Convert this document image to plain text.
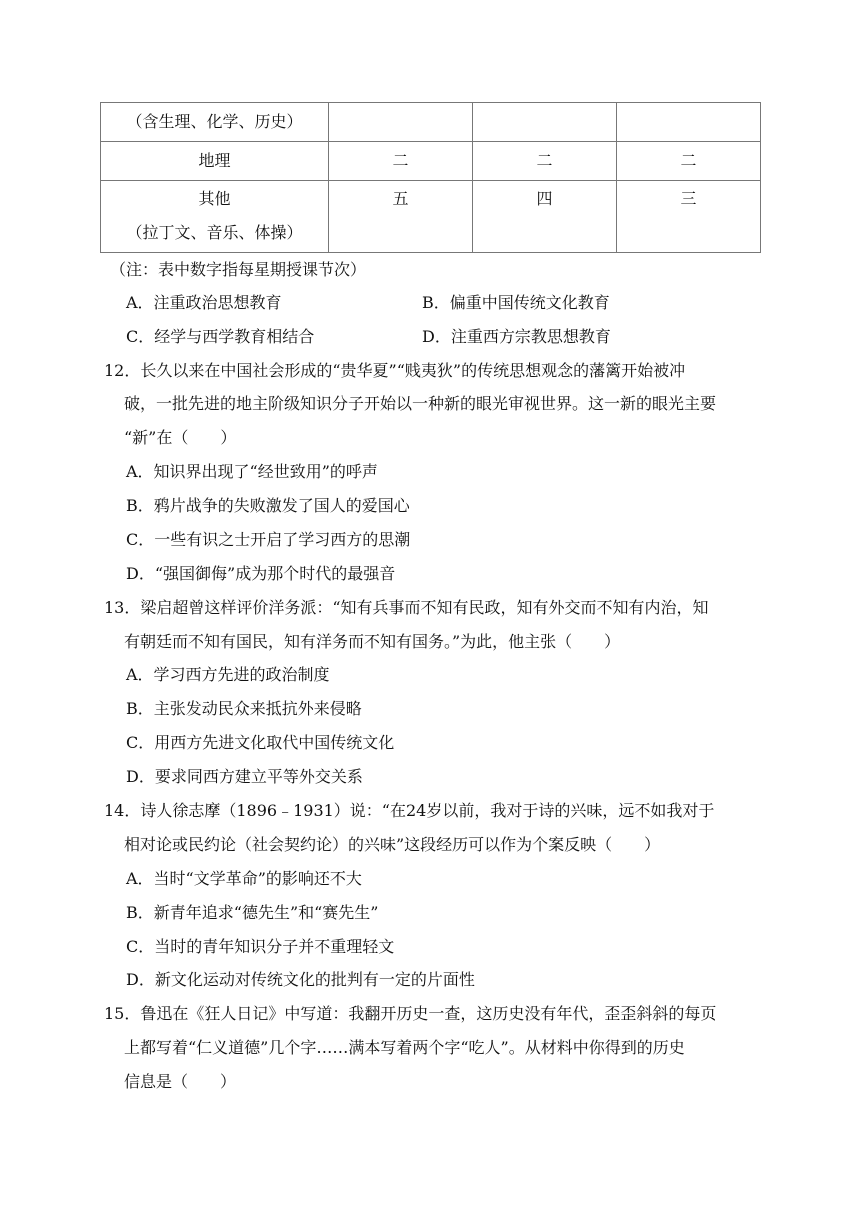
（含生理、化学、历史）			

地理	二	二	二

其他
（拉丁文、音乐、体操）	五	四	三
（注：表中数字指每星期授课节次）
A．注重政治思想教育	B．偏重中国传统文化教育
C．经学与西学教育相结合	D．注重西方宗教思想教育
12．长久以来在中国社会形成的“贵华夏”“贱夷狄”的传统思想观念的藩篱开始被冲
破，一批先进的地主阶级知识分子开始以一种新的眼光审视世界。这一新的眼光主要
“新”在（　　）
A．知识界出现了“经世致用”的呼声
B．鸦片战争的失败激发了国人的爱国心
C．一些有识之士开启了学习西方的思潮
D．“强国御侮”成为那个时代的最强音
13．梁启超曾这样评价洋务派：“知有兵事而不知有民政，知有外交而不知有内治，知
有朝廷而不知有国民，知有洋务而不知有国务。”为此，他主张（　　）
A．学习西方先进的政治制度
B．主张发动民众来抵抗外来侵略
C．用西方先进文化取代中国传统文化
D．要求同西方建立平等外交关系
14．诗人徐志摩（1896﹣1931）说：“在24岁以前，我对于诗的兴味，远不如我对于
相对论或民约论（社会契约论）的兴味”这段经历可以作为个案反映（　　）
A．当时“文学革命”的影响还不大
B．新青年追求“德先生”和“赛先生”
C．当时的青年知识分子并不重理轻文
D．新文化运动对传统文化的批判有一定的片面性
15．鲁迅在《狂人日记》中写道：我翻开历史一查，这历史没有年代，歪歪斜斜的每页
上都写着“仁义道德”几个字……满本写着两个字“吃人”。从材料中你得到的历史
信息是（　　）
